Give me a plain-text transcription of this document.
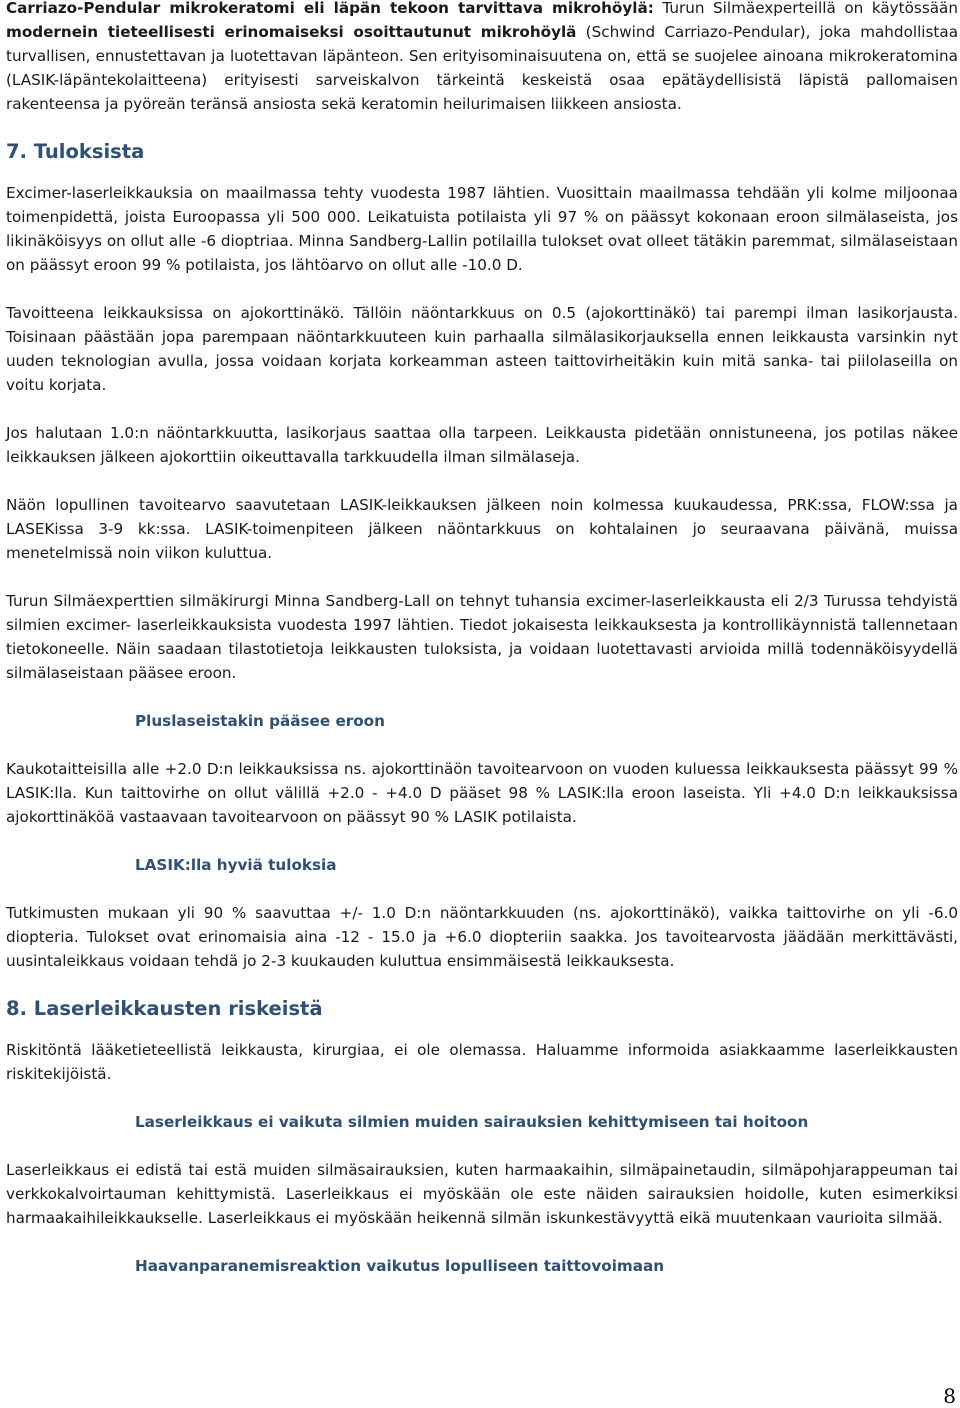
Carriazo-Pendular mikrokeratomi eli läpän tekoon tarvittava mikrohöylä: Turun Silmäexperteillä on käytössään modernein tieteellisesti erinomaiseksi osoittautunut mikrohöylä (Schwind Carriazo-Pendular), joka mahdollistaa turvallisen, ennustettavan ja luotettavan läpänteon. Sen erityisominaisuutena on, että se suojelee ainoana mikrokeratomina (LASIK-läpäntekolaitteena) erityisesti sarveiskalvon tärkeintä keskeistä osaa epätäydellisistä läpistä pallomaisen rakenteensa ja pyöreän teränsä ansiosta sekä keratomin heilurimaisen liikkeen ansiosta.

7. Tuloksista

Excimer-laserleikkauksia on maailmassa tehty vuodesta 1987 lähtien. Vuosittain maailmassa tehdään yli kolme miljoonaa toimenpidettä, joista Euroopassa yli 500 000. Leikatuista potilaista yli 97 % on päässyt kokonaan eroon silmälaseista, jos likinäköisyys on ollut alle -6 dioptriaa. Minna Sandberg-Lallin potilailla tulokset ovat olleet tätäkin paremmat, silmälaseistaan on päässyt eroon 99 % potilaista, jos lähtöarvo on ollut alle -10.0 D.

Tavoitteena leikkauksissa on ajokorttinäkö. Tällöin näöntarkkuus on 0.5 (ajokorttinäkö) tai parempi ilman lasikorjausta. Toisinaan päästään jopa parempaan näöntarkkuuteen kuin parhaalla silmälasikorjauksella ennen leikkausta varsinkin nyt uuden teknologian avulla, jossa voidaan korjata korkeamman asteen taittovirheitäkin kuin mitä sanka- tai piilolaseilla on voitu korjata.

Jos halutaan 1.0:n näöntarkkuutta, lasikorjaus saattaa olla tarpeen. Leikkausta pidetään onnistuneena, jos potilas näkee leikkauksen jälkeen ajokorttiin oikeuttavalla tarkkuudella ilman silmälaseja.

Näön lopullinen tavoitearvo saavutetaan LASIK-leikkauksen jälkeen noin kolmessa kuukaudessa, PRK:ssa, FLOW:ssa ja LASEKissa 3-9 kk:ssa. LASIK-toimenpiteen jälkeen näöntarkkuus on kohtalainen jo seuraavana päivänä, muissa menetelmissä noin viikon kuluttua.

Turun Silmäexperttien silmäkirurgi Minna Sandberg-Lall on tehnyt tuhansia excimer-laserleikkausta eli 2/3 Turussa tehdyistä silmien excimer- laserleikkauksista vuodesta 1997 lähtien. Tiedot jokaisesta leikkauksesta ja kontrollikäynnistä tallennetaan tietokoneelle. Näin saadaan tilastotietoja leikkausten tuloksista, ja voidaan luotettavasti arvioida millä todennäköisyydellä silmälaseistaan pääsee eroon.

Pluslaseistakin pääsee eroon

Kaukotaitteisilla alle +2.0 D:n leikkauksissa ns. ajokorttinäön tavoitearvoon on vuoden kuluessa leikkauksesta päässyt 99 % LASIK:lla. Kun taittovirhe on ollut välillä +2.0 - +4.0 D pääset 98 % LASIK:lla eroon laseista. Yli +4.0 D:n leikkauksissa ajokorttinäköä vastaavaan tavoitearvoon on päässyt 90 % LASIK potilaista.

LASIK:lla hyviä tuloksia

Tutkimusten mukaan yli 90 % saavuttaa +/- 1.0 D:n näöntarkkuuden (ns. ajokorttinäkö), vaikka taittovirhe on yli -6.0 diopteria. Tulokset ovat erinomaisia aina -12 - 15.0 ja +6.0 diopteriin saakka. Jos tavoitearvosta jäädään merkittävästi, uusintaleikkaus voidaan tehdä jo 2-3 kuukauden kuluttua ensimmäisestä leikkauksesta.

8. Laserleikkausten riskeistä

Riskitöntä lääketieteellistä leikkausta, kirurgiaa, ei ole olemassa. Haluamme informoida asiakkaamme laserleikkausten riskitekijöistä.

Laserleikkaus ei vaikuta silmien muiden sairauksien kehittymiseen tai hoitoon

Laserleikkaus ei edistä tai estä muiden silmäsairauksien, kuten harmaakaihin, silmäpainetaudin, silmäpohjarappeuman tai verkkokalvoirtauman kehittymistä. Laserleikkaus ei myöskään ole este näiden sairauksien hoidolle, kuten esimerkiksi harmaakaihileikkaukselle. Laserleikkaus ei myöskään heikennä silmän iskunkestävyyttä eikä muutenkaan vaurioita silmää.

Haavanparanemisreaktion vaikutus lopulliseen taittovoimaan
8
